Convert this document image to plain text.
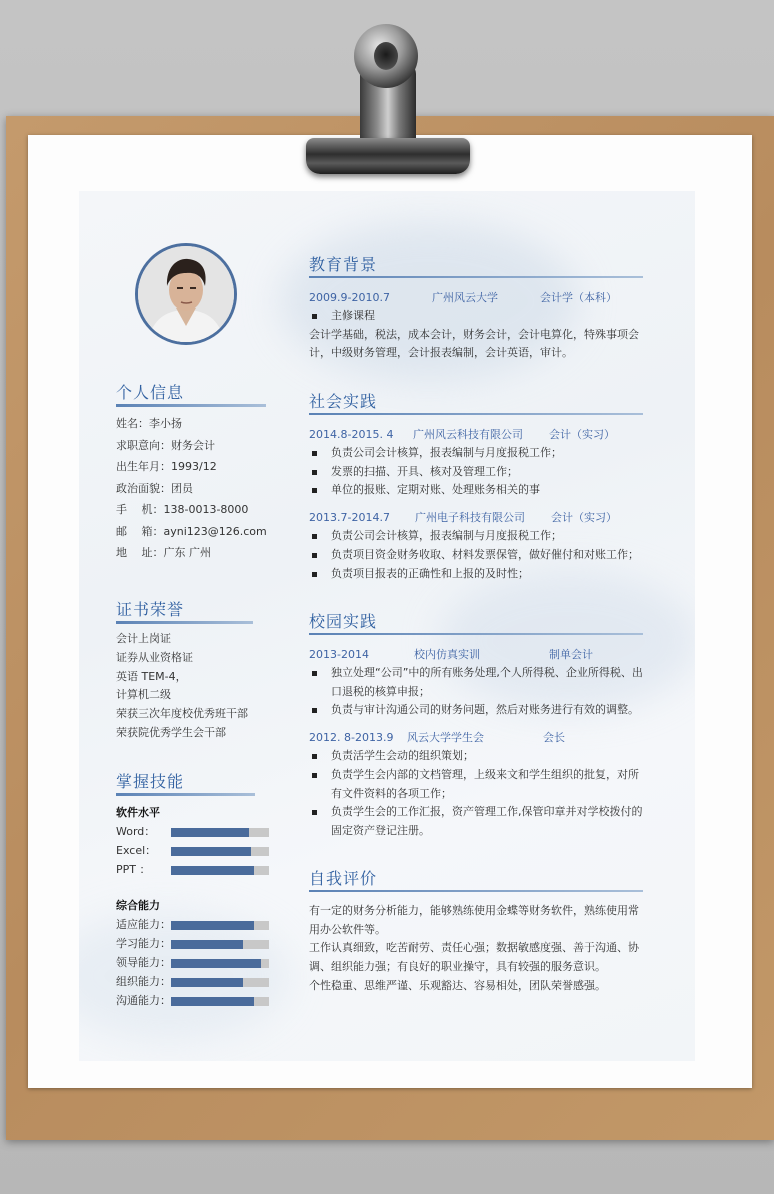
个人信息
姓名：李小扬
求职意向：财务会计
出生年月：1993/12
政治面貌：团员
手　 机：138-0013-8000
邮　 箱：ayni123@126.com
地　 址：广东 广州
证书荣誉
会计上岗证
证券从业资格证
英语 TEM-4，
计算机二级
荣获三次年度校优秀班干部
荣获院优秀学生会干部
掌握技能
软件水平
Word：
Excel：
PPT ：
综合能力
适应能力：
学习能力：
领导能力：
组织能力：
沟通能力：
教育背景
2009.9-2010.7	广州风云大学	会计学（本科）
主修课程
会计学基础，税法，成本会计，财务会计，会计电算化，特殊事项会计，中级财务管理，会计报表编制，会计英语，审计。
社会实践
2014.8-2015. 4 广州风云科技有限公司 会计（实习）
负责公司会计核算，报表编制与月度报税工作；
发票的扫描、开具、核对及管理工作；
单位的报账、定期对账、处理账务相关的事
2013.7-2014.7 广州电子科技有限公司 会计（实习）
负责公司会计核算，报表编制与月度报税工作；
负责项目资金财务收取、材料发票保管，做好催付和对账工作；
负责项目报表的正确性和上报的及时性；
校园实践
2013-2014	校内仿真实训	制单会计
独立处理“公司”中的所有账务处理,个人所得税、企业所得税、出口退税的核算申报；
负责与审计沟通公司的财务问题，然后对账务进行有效的调整。
2012. 8-2013.9 风云大学学生会	会长
负责活学生会动的组织策划；
负责学生会内部的文档管理，上级来文和学生组织的批复，对所有文件资料的各项工作；
负责学生会的工作汇报，资产管理工作,保管印章并对学校拨付的固定资产登记注册。
自我评价
有一定的财务分析能力，能够熟练使用金蝶等财务软件，熟练使用常用办公软件等。
工作认真细致，吃苦耐劳、责任心强；数据敏感度强、善于沟通、协调、组织能力强；有良好的职业操守，具有较强的服务意识。
个性稳重、思维严谨、乐观豁达、容易相处，团队荣誉感强。
